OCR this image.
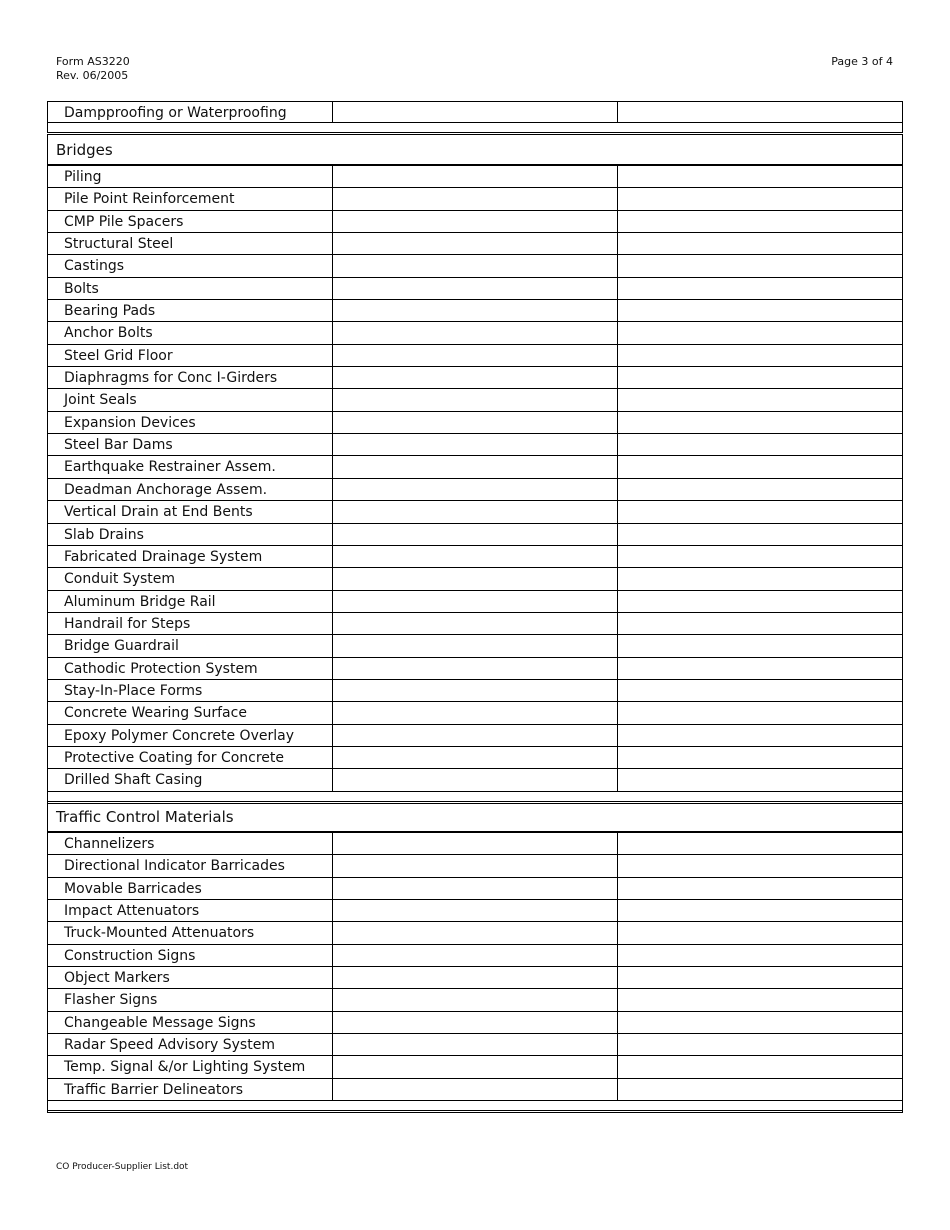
Form AS3220
Rev. 06/2005
Page 3 of 4
Dampproofing or Waterproofing
Bridges
Piling
Pile Point Reinforcement
CMP Pile Spacers
Structural Steel
Castings
Bolts
Bearing Pads
Anchor Bolts
Steel Grid Floor
Diaphragms for Conc I-Girders
Joint Seals
Expansion Devices
Steel Bar Dams
Earthquake Restrainer Assem.
Deadman Anchorage Assem.
Vertical Drain at End Bents
Slab Drains
Fabricated Drainage System
Conduit System
Aluminum Bridge Rail
Handrail for Steps
Bridge Guardrail
Cathodic Protection System
Stay-In-Place Forms
Concrete Wearing Surface
Epoxy Polymer Concrete Overlay
Protective Coating for Concrete
Drilled Shaft Casing
Traffic Control Materials
Channelizers
Directional Indicator Barricades
Movable Barricades
Impact Attenuators
Truck-Mounted Attenuators
Construction Signs
Object Markers
Flasher Signs
Changeable Message Signs
Radar Speed Advisory System
Temp. Signal &/or Lighting System
Traffic Barrier Delineators
CO Producer-Supplier List.dot
